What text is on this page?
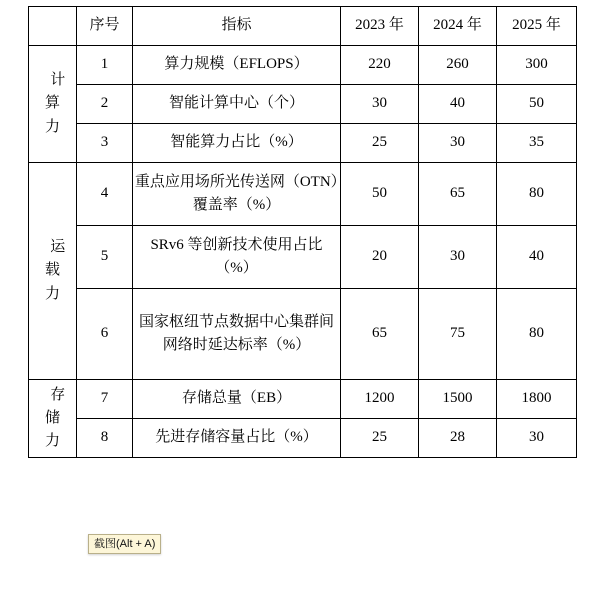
	序号	指标	2023 年	2024 年	2025 年

计算力	1	算力规模（EFLOPS）	220	260	300
	2	智能计算中心（个）	30	40	50
	3	智能算力占比（%）	25	30	35

运载力	4	重点应用场所光传送网（OTN）覆盖率（%）	50	65	80
	5	SRv6 等创新技术使用占比（%）	20	30	40
	6	国家枢纽节点数据中心集群间网络时延达标率（%）	65	75	80

存储力	7	存储总量（EB）	1200	1500	1800
	8	先进存储容量占比（%）	25	28	30
截图(Alt + A)
